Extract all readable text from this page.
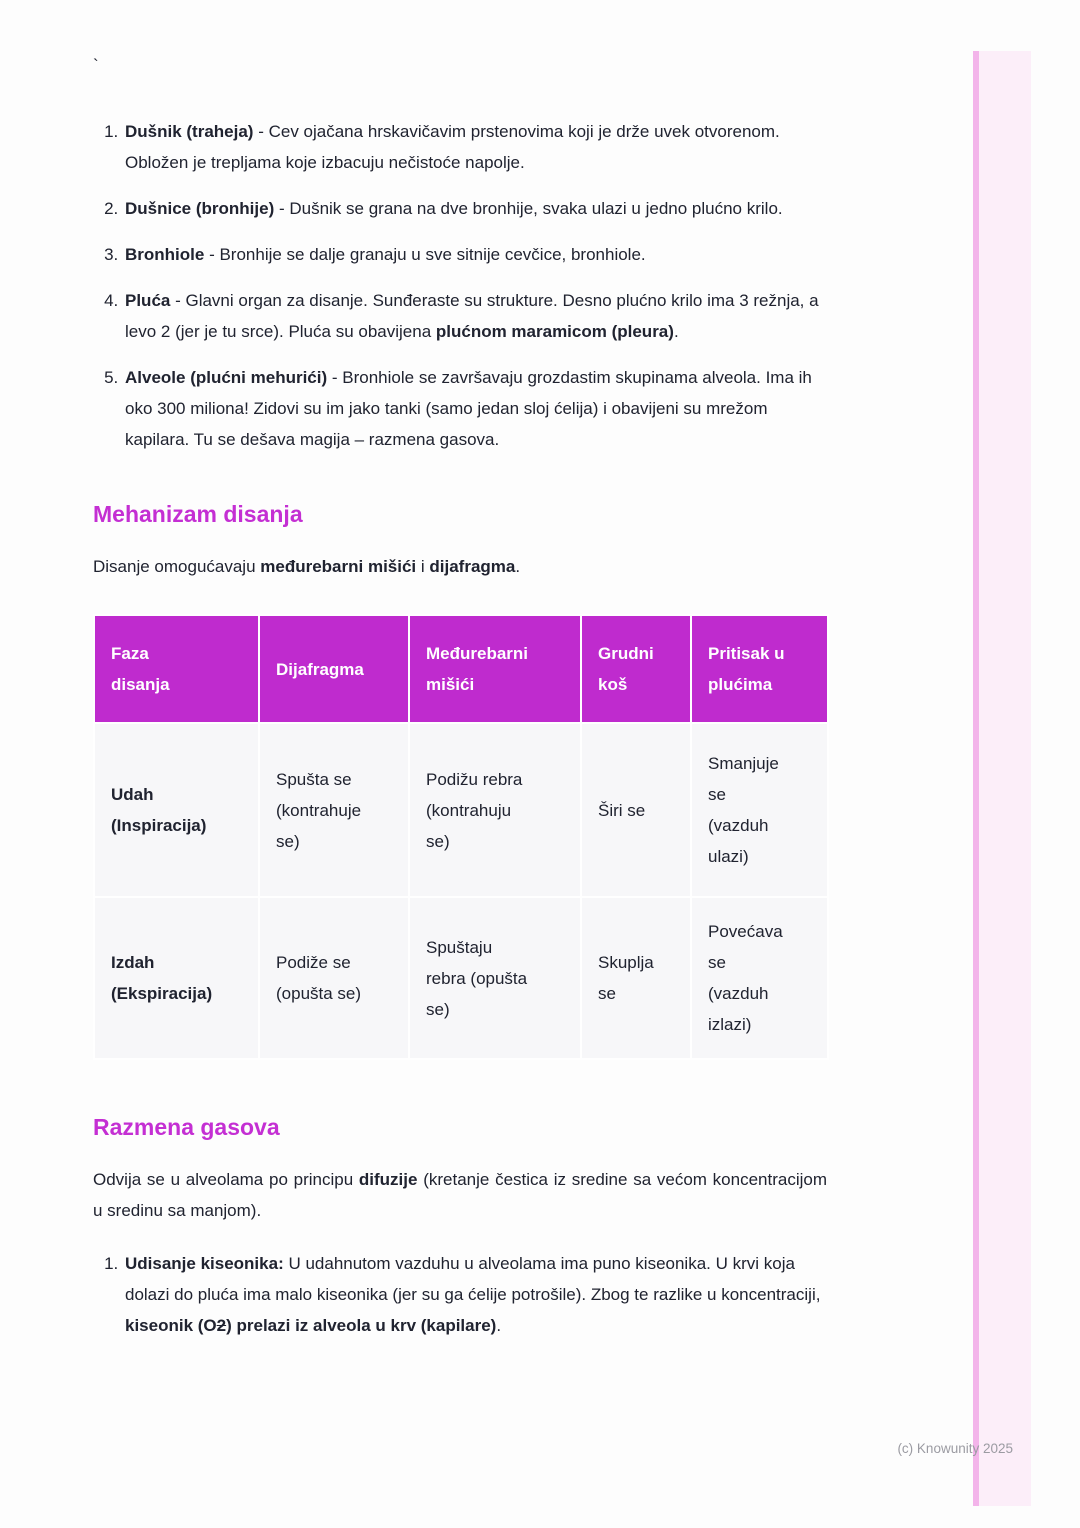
`
1. Dušnik (traheja) - Cev ojačana hrskavičavim prstenovima koji je drže uvek otvorenom. Obložen je trepljama koje izbacuju nečistoće napolje.
2. Dušnice (bronhije) - Dušnik se grana na dve bronhije, svaka ulazi u jedno plućno krilo.
3. Bronhiole - Bronhije se dalje granaju u sve sitnije cevčice, bronhiole.
4. Pluća - Glavni organ za disanje. Sunđeraste su strukture. Desno plućno krilo ima 3 režnja, a levo 2 (jer je tu srce). Pluća su obavijena plućnom maramicom (pleura).
5. Alveole (plućni mehurići) - Bronhiole se završavaju grozdastim skupinama alveola. Ima ih oko 300 miliona! Zidovi su im jako tanki (samo jedan sloj ćelija) i obavijeni su mrežom kapilara. Tu se dešava magija – razmena gasova.
Mehanizam disanja

Disanje omogućavaju međurebarni mišići i dijafragma.

Faza disanja	Dijafragma	Međurebarni mišići	Grudni koš	Pritisak u plućima
Udah (Inspiracija)	Spušta se (kontrahuje se)	Podižu rebra (kontrahuju se)	Širi se	Smanjuje se (vazduh ulazi)
Izdah (Ekspiracija)	Podiže se (opušta se)	Spuštaju rebra (opušta se)	Skuplja se	Povećava se (vazduh izlazi)
Razmena gasova

Odvija se u alveolama po principu difuzije (kretanje čestica iz sredine sa većom koncentracijom u sredinu sa manjom).

1. Udisanje kiseonika: U udahnutom vazduhu u alveolama ima puno kiseonika. U krvi koja dolazi do pluća ima malo kiseonika (jer su ga ćelije potrošile). Zbog te razlike u koncentraciji, kiseonik (O2) prelazi iz alveola u krv (kapilare).
(c) Knowunity 2025
